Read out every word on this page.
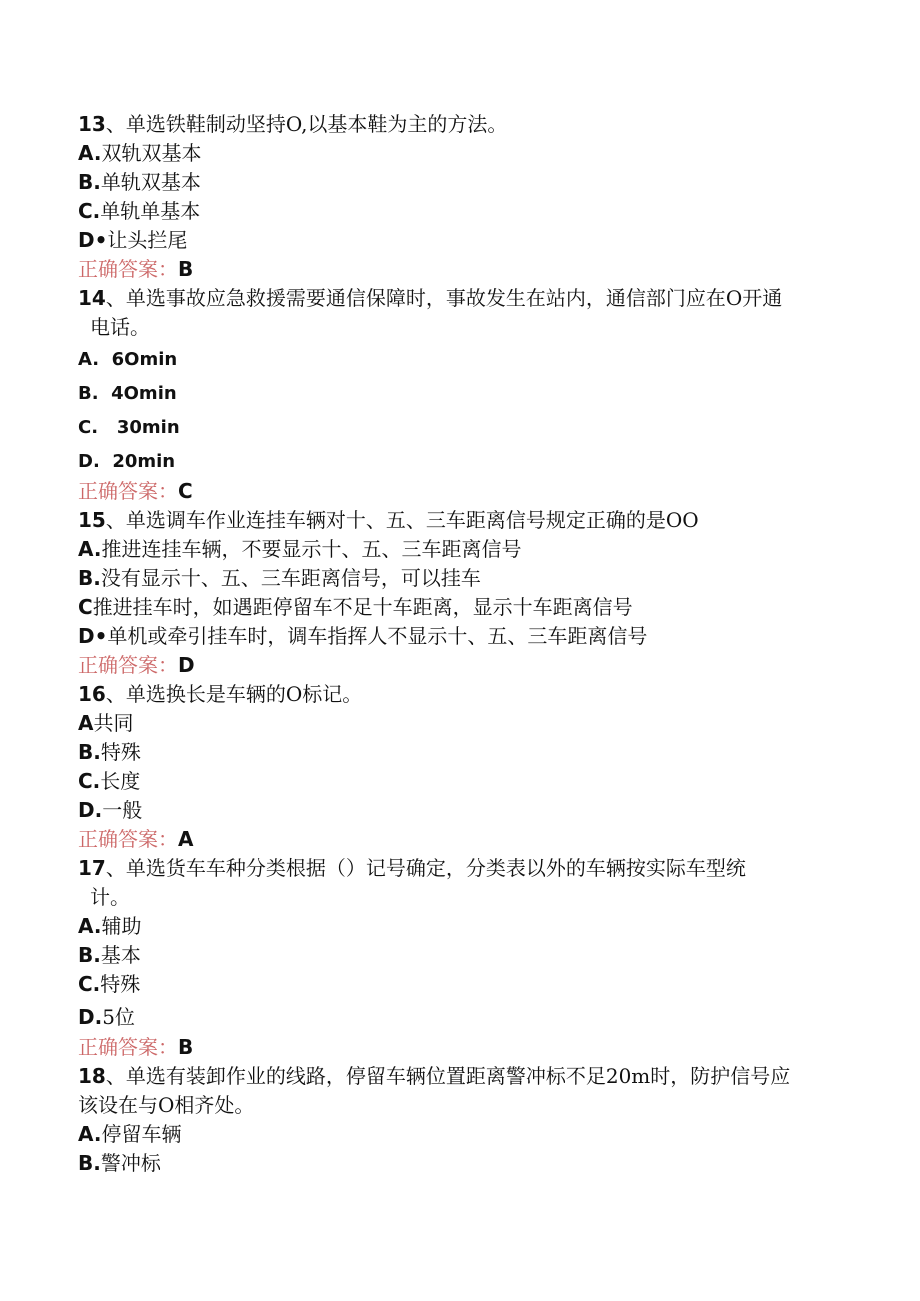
13、单选铁鞋制动坚持O,以基本鞋为主的方法。
A.双轨双基本
B.单轨双基本
C.单轨单基本
D•让头拦尾
正确答案：B
14、单选事故应急救援需要通信保障时，事故发生在站内，通信部门应在O开通
电话。
A. 6Omin
B. 4Omin
C. 30min
D. 20min
正确答案：C
15、单选调车作业连挂车辆对十、五、三车距离信号规定正确的是OO
A.推进连挂车辆，不要显示十、五、三车距离信号
B.没有显示十、五、三车距离信号，可以挂车
C推进挂车时，如遇距停留车不足十车距离，显示十车距离信号
D•单机或牵引挂车时，调车指挥人不显示十、五、三车距离信号
正确答案：D
16、单选换长是车辆的O标记。
A共同
B.特殊
C.长度
D.一般
正确答案：A
17、单选货车车种分类根据（）记号确定，分类表以外的车辆按实际车型统
计。
A.辅助
B.基本
C.特殊
D.5位
正确答案：B
18、单选有装卸作业的线路，停留车辆位置距离警冲标不足20m时，防护信号应
该设在与O相齐处。
A.停留车辆
B.警冲标
